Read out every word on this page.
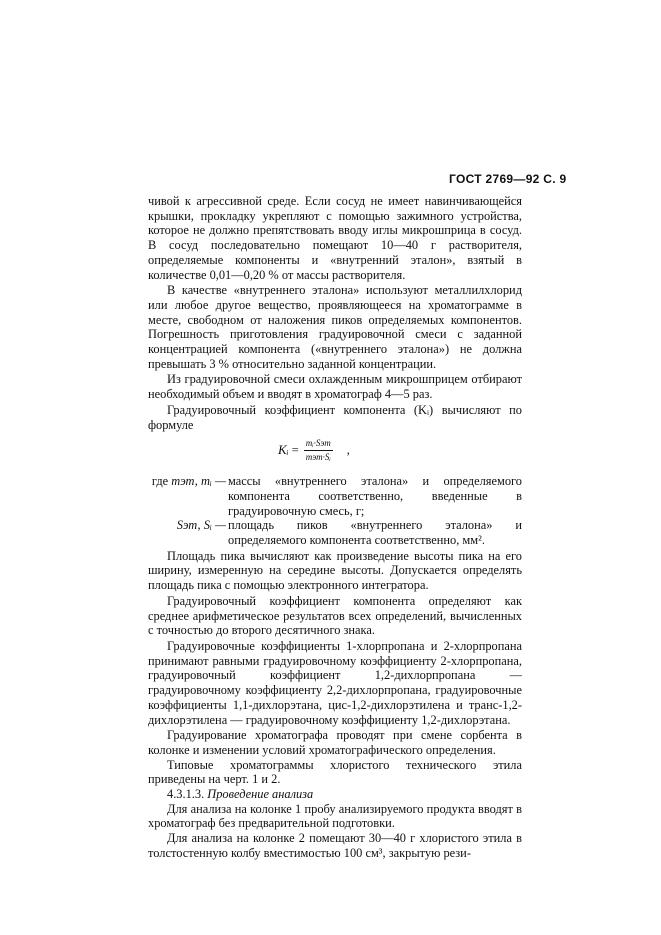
ГОСТ 2769—92 С. 9

чивой к агрессивной среде. Если сосуд не имеет навинчивающейся крышки, прокладку укрепляют с помощью зажимного устройства, которое не должно препятствовать вводу иглы микрошприца в сосуд. В сосуд последовательно помещают 10—40 г растворителя, определяемые компоненты и «внутренний эталон», взятый в количестве 0,01—0,20 % от массы растворителя.

В качестве «внутреннего эталона» используют металлилхлорид или любое другое вещество, проявляющееся на хроматограмме в месте, свободном от наложения пиков определяемых компонентов. Погрешность приготовления градуировочной смеси с заданной концентрацией компонента («внутреннего эталона») не должна превышать 3 % относительно заданной концентрации.

Из градуировочной смеси охлажденным микрошприцем отбирают необходимый объем и вводят в хроматограф 4—5 раз.

Градуировочный коэффициент компонента (Kᵢ) вычисляют по формуле

Kᵢ = $\frac{\text{mᵢ·Sэт}}{\text{mэт·Sᵢ}}$ ,
где mэт, mᵢ — массы «внутреннего эталона» и определяемого компонента соответственно, введенные в градуировочную смесь, г;
Sэт, Sᵢ — площадь пиков «внутреннего эталона» и определяемого компонента соответственно, мм².

Площадь пика вычисляют как произведение высоты пика на его ширину, измеренную на середине высоты. Допускается определять площадь пика с помощью электронного интегратора.

Градуировочный коэффициент компонента определяют как среднее арифметическое результатов всех определений, вычисленных с точностью до второго десятичного знака.

Градуировочные коэффициенты 1-хлорпропана и 2-хлорпропана принимают равными градуировочному коэффициенту 2-хлорпропана, градуировочный коэффициент 1,2-дихлорпропана — градуировочному коэффициенту 2,2-дихлорпропана, градуировочные коэффициенты 1,1-дихлорэтана, цис-1,2-дихлорэтилена и транс-1,2-дихлорэтилена — градуировочному коэффициенту 1,2-дихлорэтана.

Градуирование хроматографа проводят при смене сорбента в колонке и изменении условий хроматографического определения.

Типовые хроматограммы хлористого технического этила приведены на черт. 1 и 2.

4.3.1.3. Проведение анализа

Для анализа на колонке 1 пробу анализируемого продукта вводят в хроматограф без предварительной подготовки.

Для анализа на колонке 2 помещают 30—40 г хлористого этила в толстостенную колбу вместимостью 100 см³, закрытую рези-
